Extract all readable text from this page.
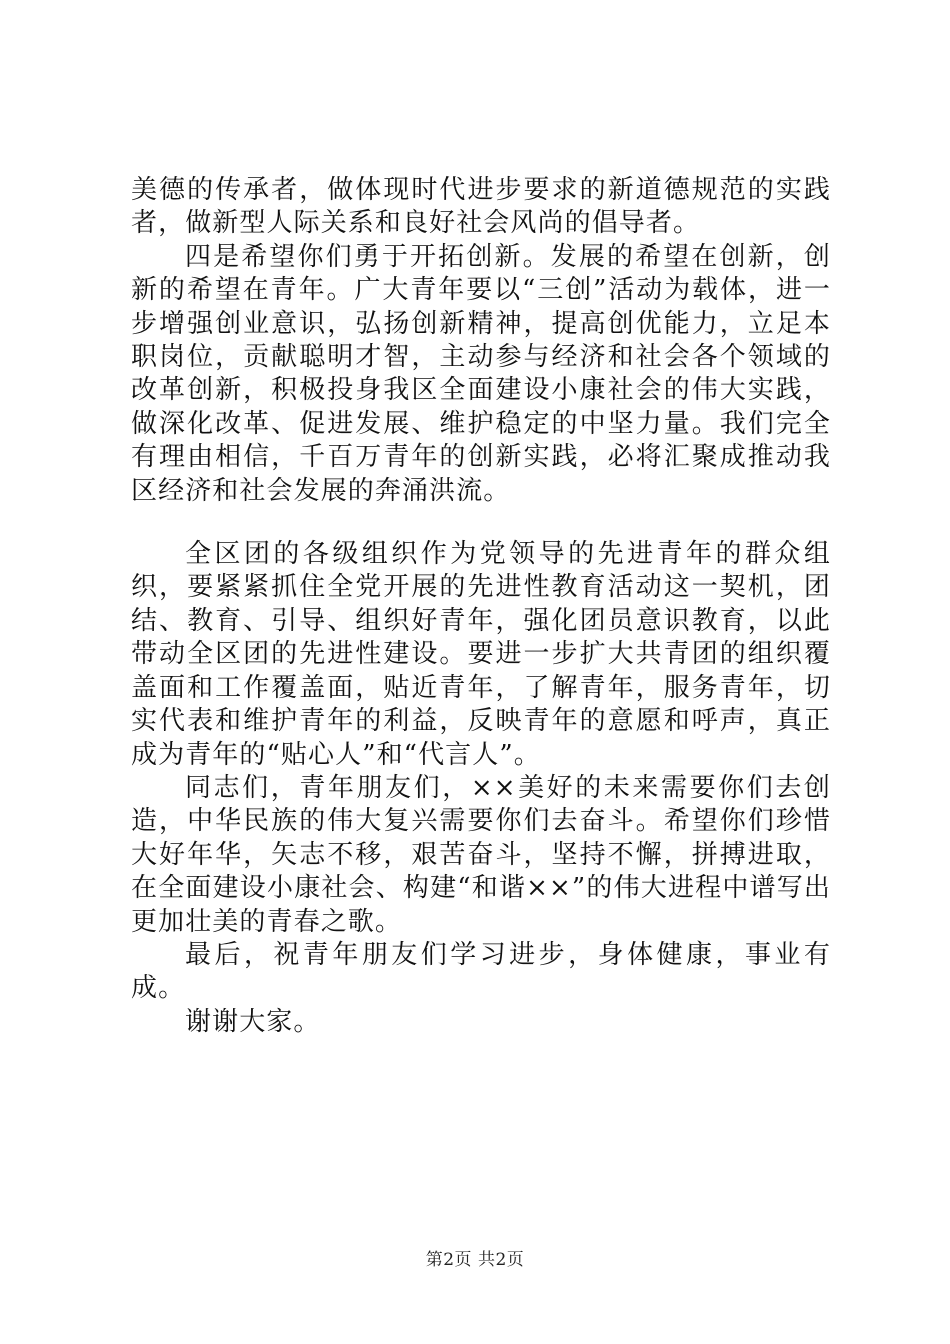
美德的传承者，做体现时代进步要求的新道德规范的实践者，做新型人际关系和良好社会风尚的倡导者。

四是希望你们勇于开拓创新。发展的希望在创新，创新的希望在青年。广大青年要以“三创”活动为载体，进一步增强创业意识，弘扬创新精神，提高创优能力，立足本职岗位，贡献聪明才智，主动参与经济和社会各个领域的改革创新，积极投身我区全面建设小康社会的伟大实践，做深化改革、促进发展、维护稳定的中坚力量。我们完全有理由相信，千百万青年的创新实践，必将汇聚成推动我区经济和社会发展的奔涌洪流。

全区团的各级组织作为党领导的先进青年的群众组织，要紧紧抓住全党开展的先进性教育活动这一契机，团结、教育、引导、组织好青年，强化团员意识教育，以此带动全区团的先进性建设。要进一步扩大共青团的组织覆盖面和工作覆盖面，贴近青年，了解青年，服务青年，切实代表和维护青年的利益，反映青年的意愿和呼声，真正成为青年的“贴心人”和“代言人”。

同志们，青年朋友们，××美好的未来需要你们去创造，中华民族的伟大复兴需要你们去奋斗。希望你们珍惜大好年华，矢志不移，艰苦奋斗，坚持不懈，拼搏进取，在全面建设小康社会、构建“和谐××”的伟大进程中谱写出更加壮美的青春之歌。

最后，祝青年朋友们学习进步，身体健康，事业有成。

谢谢大家。

第2页 共2页
